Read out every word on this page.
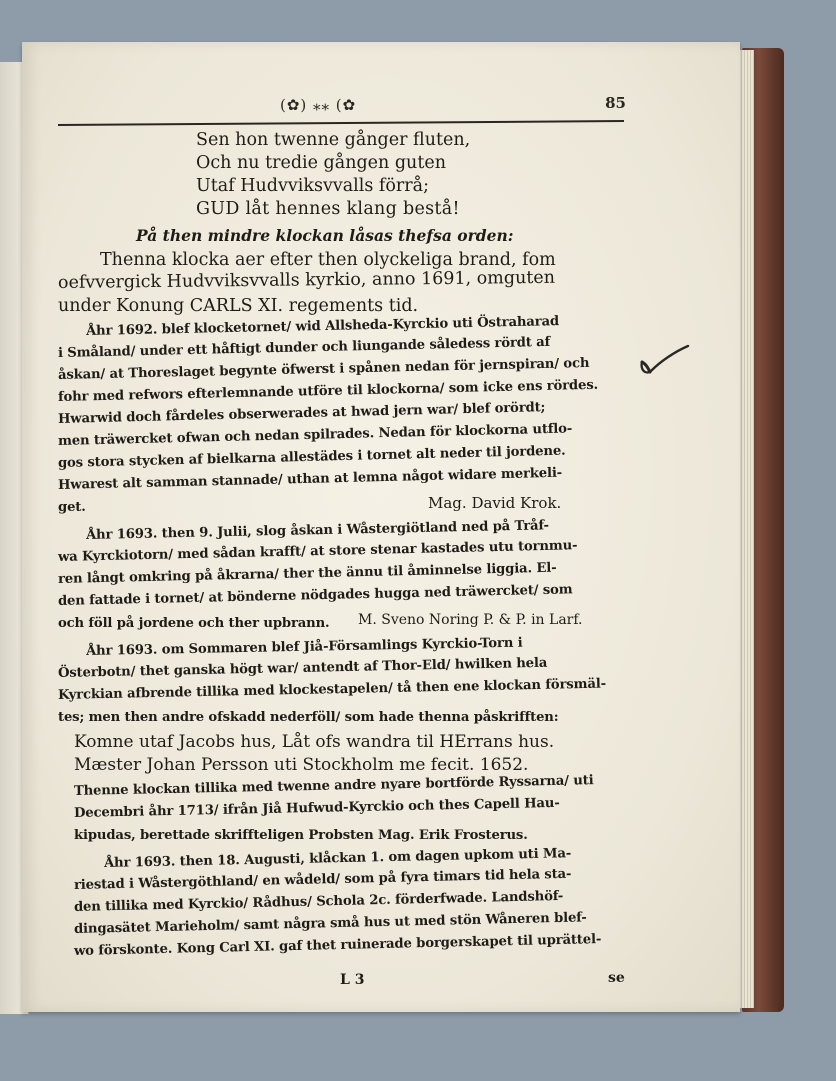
(✿) ⁎⁎ (✿	85
Sen hon twenne gånger fluten,
Och nu tredie gången guten
Utaf Hudvviksvvalls förrå;
GUD låt hennes klang bestå!
På then mindre klockan låsas thefsa orden:
Thenna klocka aer efter then olyckeliga brand, fom
oefvvergick Hudvviksvvalls kyrkio, anno 1691, omguten
under Konung CARLS XI. regements tid.
Åhr 1692. blef klocketornet/ wid Allsheda-Kyrckio uti Östraharad
i Småland/ under ett håftigt dunder och liungande såledess rördt af
åskan/ at Thoreslaget begynte öfwerst i spånen nedan för jernspiran/ och
fohr med refwors efterlemnande utföre til klockorna/ som icke ens rördes.
Hwarwid doch fårdeles obserwerades at hwad jern war/ blef orördt;
men träwercket ofwan och nedan spilrades. Nedan för klockorna utflo-
gos stora stycken af bielkarna allestädes i tornet alt neder til jordene.
Hwarest alt samman stannade/ uthan at lemna något widare merkeli-
get.	Mag. David Krok.
Åhr 1693. then 9. Julii, slog åskan i Wåstergiötland ned på Tråf-
wa Kyrckiotorn/ med sådan krafft/ at store stenar kastades utu tornmu-
ren långt omkring på åkrarna/ ther the ännu til åminnelse liggia. El-
den fattade i tornet/ at bönderne nödgades hugga ned träwercket/ som
och föll på jordene och ther upbrann. M. Sveno Noring P. & P. in Larf.
Åhr 1693. om Sommaren blef Jiå-Församlings Kyrckio-Torn i
Österbotn/ thet ganska högt war/ antendt af Thor-Eld/ hwilken hela
Kyrckian afbrende tillika med klockestapelen/ tå then ene klockan försmäl-
tes; men then andre ofskadd nederföll/ som hade thenna påskrifften:
Komne utaf Jacobs hus, Låt ofs wandra til HErrans hus.
Mæster Johan Persson uti Stockholm me fecit. 1652.
Thenne klockan tillika med twenne andre nyare bortförde Ryssarna/ uti
Decembri åhr 1713/ ifrån Jiå Hufwud-Kyrckio och thes Capell Hau-
kipudas, berettade skriffteligen Probsten Mag. Erik Frosterus.
Åhr 1693. then 18. Augusti, klåckan 1. om dagen upkom uti Ma-
riestad i Wåstergöthland/ en wådeld/ som på fyra timars tid hela sta-
den tillika med Kyrckio/ Rådhus/ Schola 2c. förderfwade. Landshöf-
dingasätet Marieholm/ samt några små hus ut med stön Wåneren blef-
wo förskonte. Kong Carl XI. gaf thet ruinerade borgerskapet til uprättel-
L 3	se
